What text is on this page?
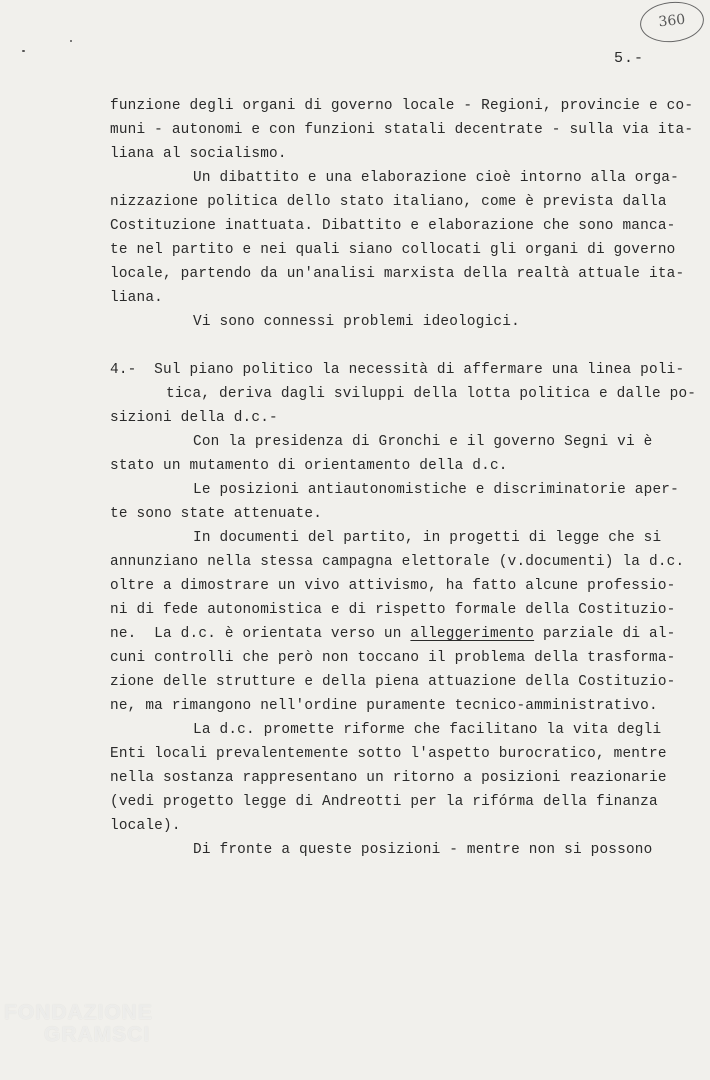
360
5.-
funzione degli organi di governo locale - Regioni, provincie e co-
muni - autonomi e con funzioni statali decentrate - sulla via ita-
liana al socialismo.
Un dibattito e una elaborazione cioè intorno alla orga-
nizzazione politica dello stato italiano, come è prevista dalla
Costituzione inattuata. Dibattito e elaborazione che sono manca-
te nel partito e nei quali siano collocati gli organi di governo
locale, partendo da un'analisi marxista della realtà attuale ita-
liana.
Vi sono connessi problemi ideologici.
4.-  Sul piano politico la necessità di affermare una linea poli-
tica, deriva dagli sviluppi della lotta politica e dalle po-
sizioni della d.c.-
Con la presidenza di Gronchi e il governo Segni vi è
stato un mutamento di orientamento della d.c.
Le posizioni antiautonomistiche e discriminatorie aper-
te sono state attenuate.
In documenti del partito, in progetti di legge che si
annunziano nella stessa campagna elettorale (v.documenti) la d.c.
oltre a dimostrare un vivo attivismo, ha fatto alcune professio-
ni di fede autonomistica e di rispetto formale della Costituzio-
ne.  La d.c. è orientata verso un alleggerimento parziale di al-
cuni controlli che però non toccano il problema della trasforma-
zione delle strutture e della piena attuazione della Costituzio-
ne, ma rimangono nell'ordine puramente tecnico-amministrativo.
La d.c. promette riforme che facilitano la vita degli
Enti locali prevalentemente sotto l'aspetto burocratico, mentre
nella sostanza rappresentano un ritorno a posizioni reazionarie
(vedi progetto legge di Andreotti per la rifórma della finanza
locale).
Di fronte a queste posizioni - mentre non si possono
FONDAZIONE
GRAMSCI
